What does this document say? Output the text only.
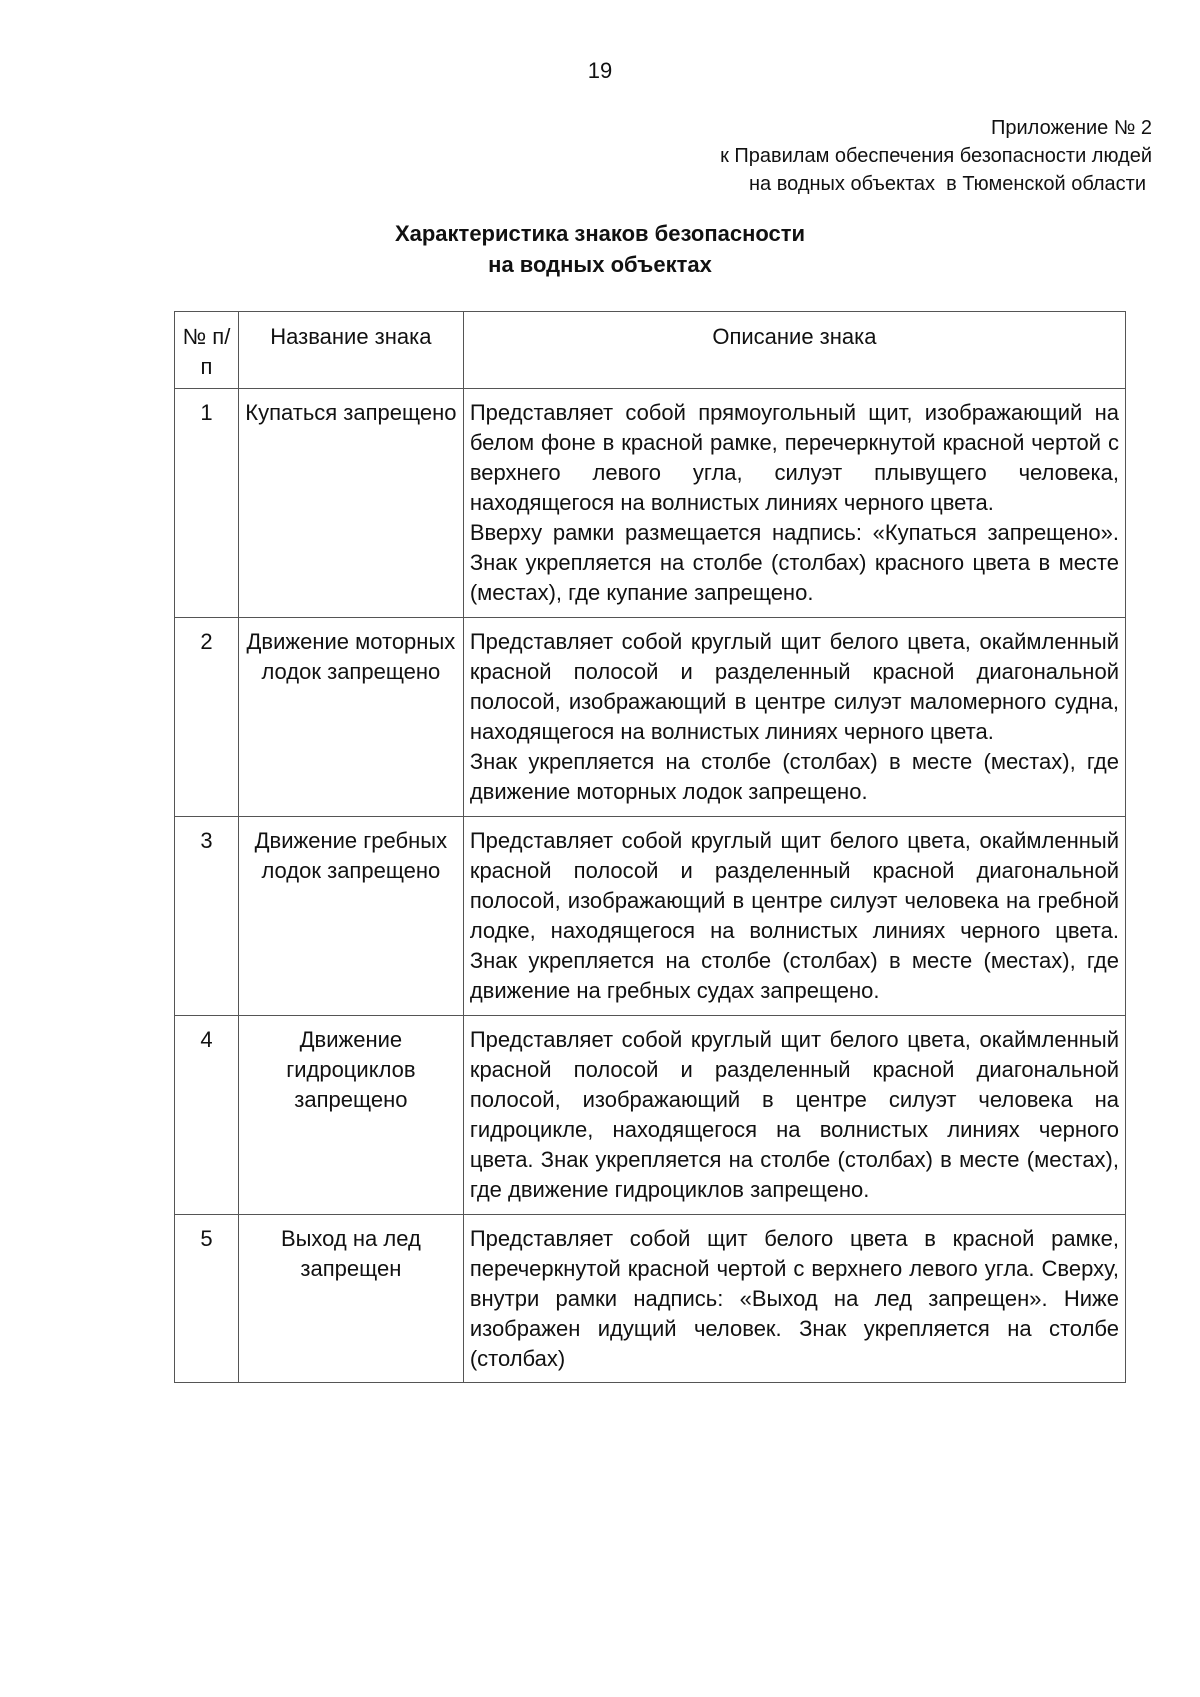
19
Приложение № 2
к Правилам обеспечения безопасности людей
на водных объектах  в Тюменской области
Характеристика знаков безопасности
на водных объектах
№ п/п	Название знака	Описание знака
1	Купаться запрещено	Представляет собой прямоугольный щит, изображающий на белом фоне в красной рамке, перечеркнутой красной чертой с верхнего левого угла, силуэт плывущего человека, находящегося на волнистых линиях черного цвета.

Вверху рамки размещается надпись: «Купаться запрещено». Знак укрепляется на столбе (столбах) красного цвета в месте (местах), где купание запрещено.

2	Движение моторных лодок запрещено	Представляет собой круглый щит белого цвета, окаймленный красной полосой и разделенный красной диагональной полосой, изображающий в центре силуэт маломерного судна, находящегося на волнистых линиях черного цвета.

Знак укрепляется на столбе (столбах) в месте (местах), где движение моторных лодок запрещено.

3	Движение гребных лодок запрещено	Представляет собой круглый щит белого цвета, окаймленный красной полосой и разделенный красной диагональной полосой, изображающий в центре силуэт человека на гребной лодке, находящегося на волнистых линиях черного цвета. Знак укрепляется на столбе (столбах) в месте (местах), где движение на гребных судах запрещено.

4	Движение гидроциклов запрещено	Представляет собой круглый щит белого цвета, окаймленный красной полосой и разделенный красной диагональной полосой, изображающий в центре силуэт человека на гидроцикле, находящегося на волнистых линиях черного цвета. Знак укрепляется на столбе (столбах) в месте (местах), где движение гидроциклов запрещено.

5	Выход на лед запрещен	Представляет собой щит белого цвета в красной рамке, перечеркнутой красной чертой с верхнего левого угла. Сверху, внутри рамки надпись: «Выход на лед запрещен». Ниже изображен идущий человек. Знак укрепляется на столбе (столбах)
